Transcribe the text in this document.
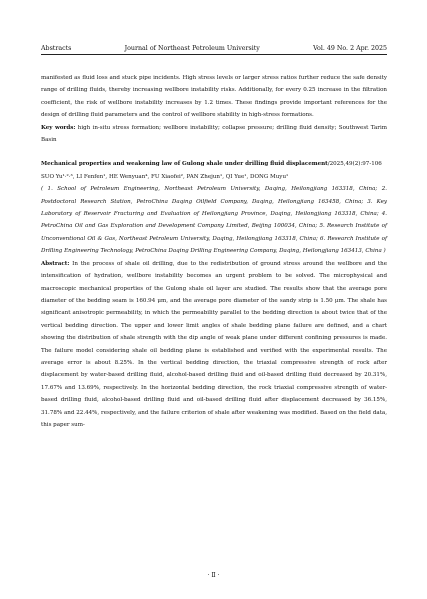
Abstracts	Journal of Northeast Petroleum University	Vol. 49 No. 2 Apr. 2025

manifested as fluid loss and stuck pipe incidents. High stress levels or larger stress ratios further reduce the safe density range of drilling fluids, thereby increasing wellbore instability risks. Additionally, for every 0.25 increase in the filtration coefficient, the risk of wellbore instability increases by 1.2 times. These findings provide important references for the design of drilling fluid parameters and the control of wellbore stability in high-stress formations.

Key words: high in-situ stress formation; wellbore instability; collapse pressure; drilling fluid density; Southwest Tarim Basin

Mechanical properties and weakening law of Gulong shale under drilling fluid displacement/2025,49(2):97-106

SUO Yu¹·²·³, LI Fenfen¹, HE Wenyuan⁴, FU Xiaofei², PAN Zhejun¹, QI Yue¹, DONG Muyu¹

( 1. School of Petroleum Engineering, Northeast Petroleum University, Daqing, Heilongjiang 163318, China; 2. Postdoctoral Research Station, PetroChina Daqing Oilfield Company, Daqing, Heilongjiang 163458, China; 3. Key Laboratory of Reservoir Fracturing and Evaluation of Heilongjiang Province, Daqing, Heilongjiang 163318, China; 4. PetroChina Oil and Gas Exploration and Development Company Limited, Beijing 100034, China; 5. Research Institute of Unconventional Oil & Gas, Northeast Petroleum University, Daqing, Heilongjiang 163318, China; 6. Research Institute of Drilling Engineering Technology, PetroChina Daqing Drilling Engineering Company, Daqing, Heilongjiang 163413, China )

Abstract: In the process of shale oil drilling, due to the redistribution of ground stress around the wellbore and the intensification of hydration, wellbore instability becomes an urgent problem to be solved. The microphysical and macroscopic mechanical properties of the Gulong shale oil layer are studied. The results show that the average pore diameter of the bedding seam is 160.94 μm, and the average pore diameter of the sandy strip is 1.50 μm. The shale has significant anisotropic permeability, in which the permeability parallel to the bedding direction is about twice that of the vertical bedding direction. The upper and lower limit angles of shale bedding plane failure are defined, and a chart showing the distribution of shale strength with the dip angle of weak plane under different confining pressures is made. The failure model considering shale oil bedding plane is established and verified with the experimental results. The average error is about 8.25%. In the vertical bedding direction, the triaxial compressive strength of rock after displacement by water-based drilling fluid, alcohol-based drilling fluid and oil-based drilling fluid decreased by 20.31%, 17.67% and 13.69%, respectively. In the horizontal bedding direction, the rock triaxial compressive strength of water-based drilling fluid, alcohol-based drilling fluid and oil-based drilling fluid after displacement decreased by 36.15%, 31.78% and 22.44%, respectively, and the failure criterion of shale after weakening was modified. Based on the field data, this paper sum-

· Ⅱ ·
